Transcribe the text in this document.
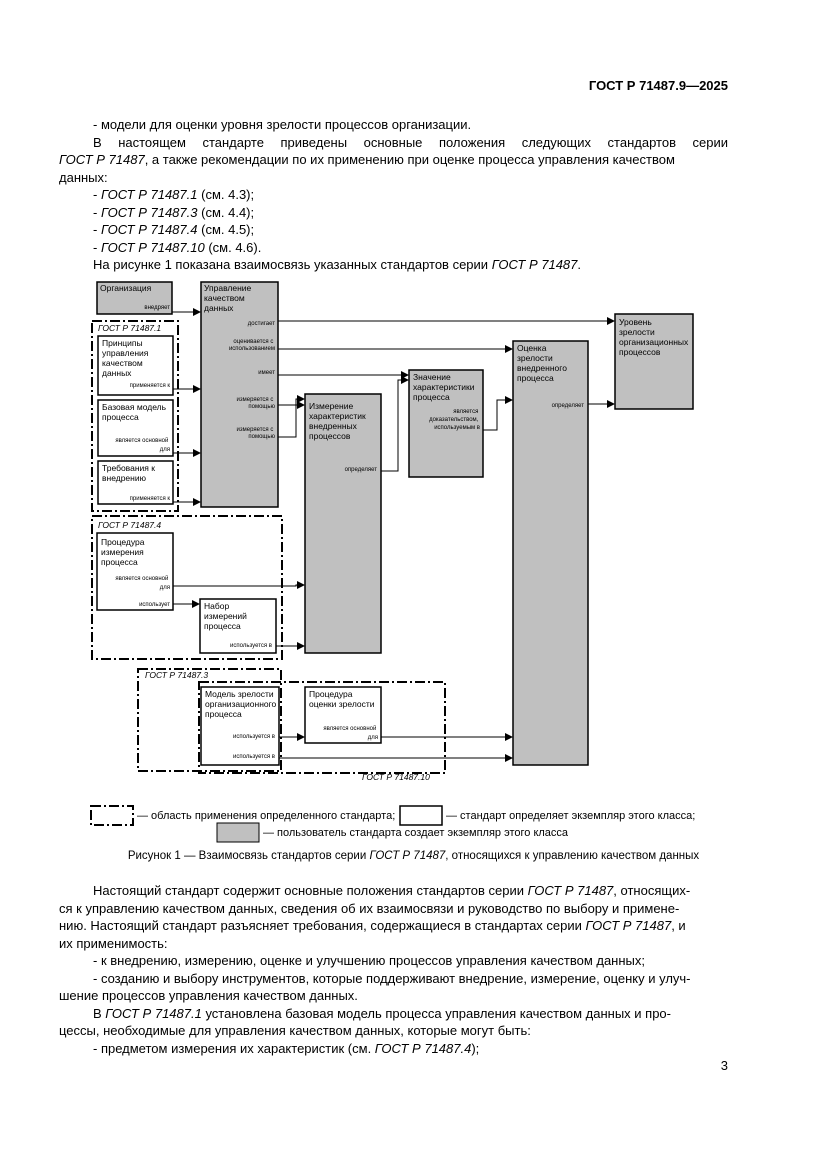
ГОСТ Р 71487.9—2025
- модели для оценки уровня зрелости процессов организации.
В настоящем стандарте приведены основные положения следующих стандартов серии
ГОСТ Р 71487, а также рекомендации по их применению при оценке процесса управления качеством
данных:
- ГОСТ Р 71487.1 (см. 4.3);
- ГОСТ Р 71487.3 (см. 4.4);
- ГОСТ Р 71487.4 (см. 4.5);
- ГОСТ Р 71487.10 (см. 4.6).
На рисунке 1 показана взаимосвязь указанных стандартов серии ГОСТ Р 71487.
ГОСТ Р 71487.1
ГОСТ Р 71487.4
ГОСТ Р 71487.3
ГОСТ Р 71487.10
Организация
внедряет
Управление качеством данных
достигает
оценивается с использованием
имеет
измеряется с помощью
измеряется с помощью
Измерение характеристик внедренных процессов
определяет
Значение характеристики процесса
является доказательством, используемым в
Оценка зрелости внедренного процесса
определяет
Уровень зрелости организационных процессов
Принципы управления качеством данных
применяется к
Базовая модель процесса
является основной для
Требования к внедрению
применяется к
Процедура измерения процесса
является основной для
использует	Набор измерений процесса
используется в
Модель зрелости организационного процесса
используется в
используется в
Процедура оценки зрелости
является основной для
— область применения определенного стандарта;	— стандарт определяет экземпляр этого класса;
— пользователь стандарта создает экземпляр этого класса
Рисунок 1 — Взаимосвязь стандартов серии ГОСТ Р 71487, относящихся к управлению качеством данных
Настоящий стандарт содержит основные положения стандартов серии ГОСТ Р 71487, относящих-
ся к управлению качеством данных, сведения об их взаимосвязи и руководство по выбору и примене-
нию. Настоящий стандарт разъясняет требования, содержащиеся в стандартах серии ГОСТ Р 71487, и
их применимость:
- к внедрению, измерению, оценке и улучшению процессов управления качеством данных;
- созданию и выбору инструментов, которые поддерживают внедрение, измерение, оценку и улуч-
шение процессов управления качеством данных.
В ГОСТ Р 71487.1 установлена базовая модель процесса управления качеством данных и про-
цессы, необходимые для управления качеством данных, которые могут быть:
- предметом измерения их характеристик (см. ГОСТ Р 71487.4);
3
